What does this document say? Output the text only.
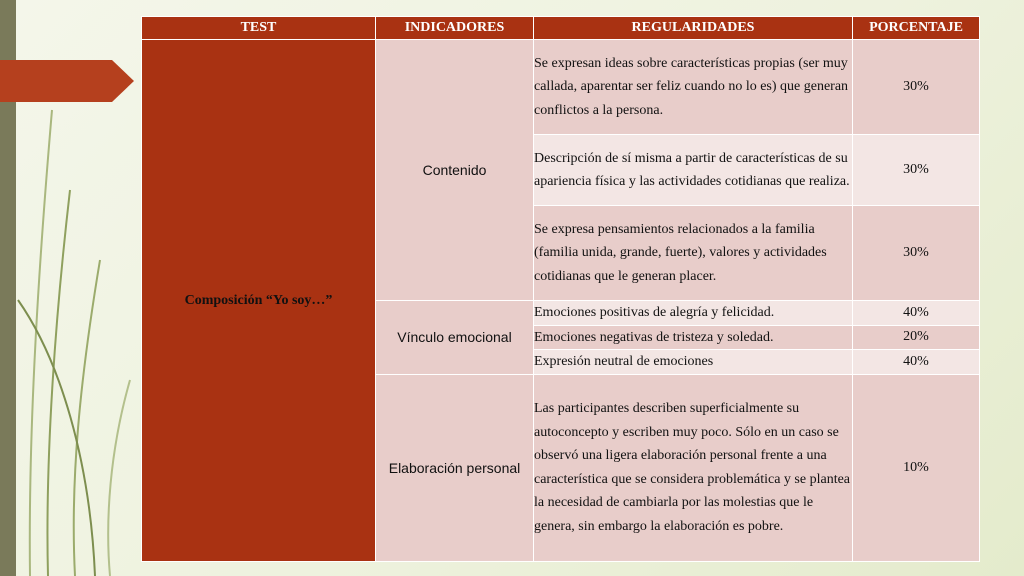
TEST	INDICADORES	REGULARIDADES	PORCENTAJE

Composición “Yo soy…”	Contenido	Se expresan ideas sobre características propias (ser muy callada, aparentar ser feliz cuando no lo es) que generan conflictos a la persona.	30%
		Descripción de sí misma a partir de características de su apariencia física y las actividades cotidianas que realiza.	30%
		Se expresa pensamientos relacionados a la familia (familia unida, grande, fuerte), valores y actividades cotidianas que le generan placer.	30%
	Vínculo emocional	Emociones positivas de alegría y felicidad.	40%
		Emociones negativas de tristeza y soledad.	20%
		Expresión neutral de emociones	40%
	Elaboración personal	Las participantes describen superficialmente su autoconcepto y escriben muy poco. Sólo en un caso se observó una ligera elaboración personal frente a una característica que se considera problemática y se plantea la necesidad de cambiarla por las molestias que le genera, sin embargo la elaboración es pobre.	10%
